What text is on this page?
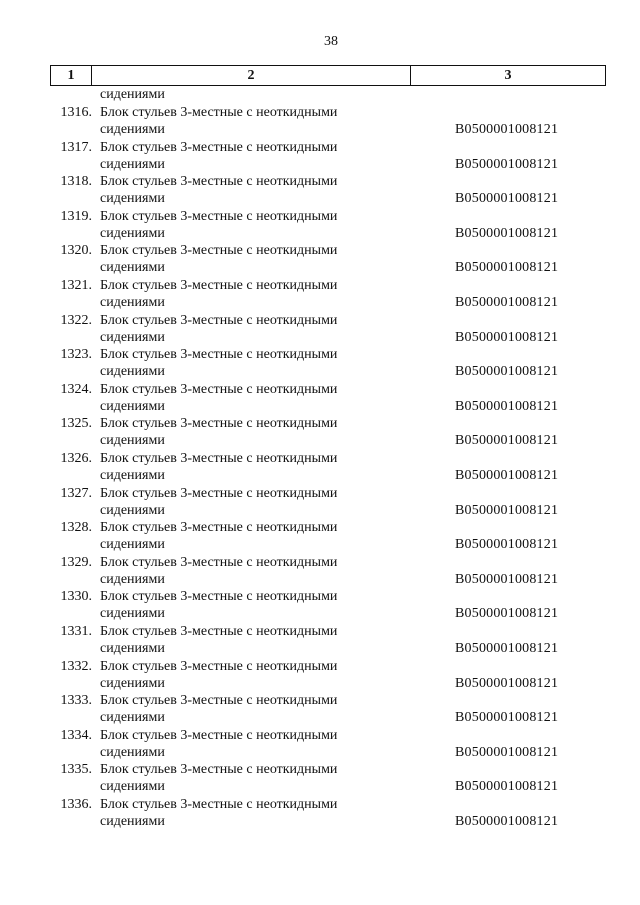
38
1	2	3
сидениями
1316. Блок стульев 3-местные с неоткидными
сидениями	B0500001008121
1317. Блок стульев 3-местные с неоткидными
сидениями	B0500001008121
1318. Блок стульев 3-местные с неоткидными
сидениями	B0500001008121
1319. Блок стульев 3-местные с неоткидными
сидениями	B0500001008121
1320. Блок стульев 3-местные с неоткидными
сидениями	B0500001008121
1321. Блок стульев 3-местные с неоткидными
сидениями	B0500001008121
1322. Блок стульев 3-местные с неоткидными
сидениями	B0500001008121
1323. Блок стульев 3-местные с неоткидными
сидениями	B0500001008121
1324. Блок стульев 3-местные с неоткидными
сидениями	B0500001008121
1325. Блок стульев 3-местные с неоткидными
сидениями	B0500001008121
1326. Блок стульев 3-местные с неоткидными
сидениями	B0500001008121
1327. Блок стульев 3-местные с неоткидными
сидениями	B0500001008121
1328. Блок стульев 3-местные с неоткидными
сидениями	B0500001008121
1329. Блок стульев 3-местные с неоткидными
сидениями	B0500001008121
1330. Блок стульев 3-местные с неоткидными
сидениями	B0500001008121
1331. Блок стульев 3-местные с неоткидными
сидениями	B0500001008121
1332. Блок стульев 3-местные с неоткидными
сидениями	B0500001008121
1333. Блок стульев 3-местные с неоткидными
сидениями	B0500001008121
1334. Блок стульев 3-местные с неоткидными
сидениями	B0500001008121
1335. Блок стульев 3-местные с неоткидными
сидениями	B0500001008121
1336. Блок стульев 3-местные с неоткидными
сидениями	B0500001008121
